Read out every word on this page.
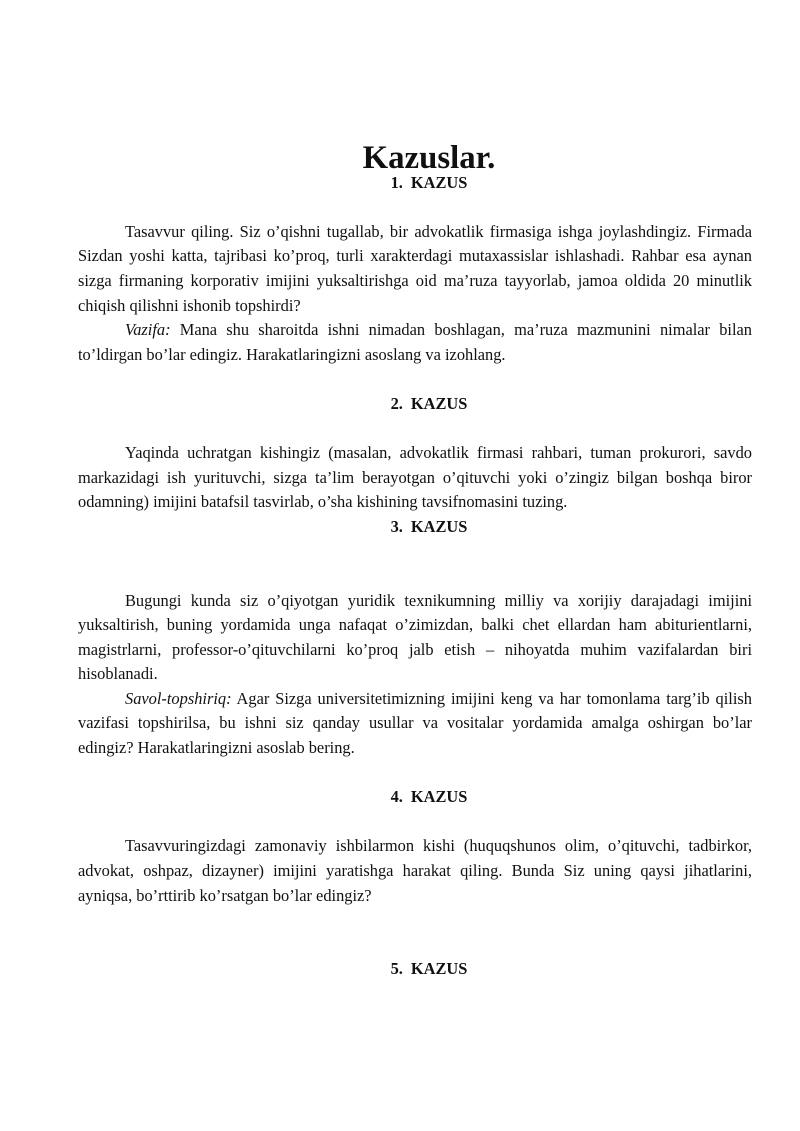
Kazuslar.
1. KAZUS

Tasavvur qiling. Siz o’qishni tugallab, bir advokatlik firmasiga ishga joylashdingiz. Firmada Sizdan yoshi katta, tajribasi ko’proq, turli xarakterdagi mutaxassislar ishlashadi. Rahbar esa aynan sizga firmaning korporativ imijini yuksaltirishga oid ma’ruza tayyorlab, jamoa oldida 20 minutlik chiqish qilishni ishonib topshirdi?

Vazifa: Mana shu sharoitda ishni nimadan boshlagan, ma’ruza mazmunini nimalar bilan to’ldirgan bo’lar edingiz. Harakatlaringizni asoslang va izohlang.

2. KAZUS

Yaqinda uchratgan kishingiz (masalan, advokatlik firmasi rahbari, tuman prokurori, savdo markazidagi ish yurituvchi, sizga ta’lim berayotgan o’qituvchi yoki o’zingiz bilgan boshqa biror odamning) imijini batafsil tasvirlab, o’sha kishining tavsifnomasini tuzing.

3. KAZUS

Bugungi kunda siz o’qiyotgan yuridik texnikumning milliy va xorijiy darajadagi imijini yuksaltirish, buning yordamida unga nafaqat o’zimizdan, balki chet ellardan ham abiturientlarni, magistrlarni, professor-o’qituvchilarni ko’proq jalb etish – nihoyatda muhim vazifalardan biri hisoblanadi.

Savol-topshiriq: Agar Sizga universitetimizning imijini keng va har tomonlama targ’ib qilish vazifasi topshirilsa, bu ishni siz qanday usullar va vositalar yordamida amalga oshirgan bo’lar edingiz? Harakatlaringizni asoslab bering.

4. KAZUS

Tasavvuringizdagi zamonaviy ishbilarmon kishi (huquqshunos olim, o’qituvchi, tadbirkor, advokat, oshpaz, dizayner) imijini yaratishga harakat qiling. Bunda Siz uning qaysi jihatlarini, ayniqsa, bo’rttirib ko’rsatgan bo’lar edingiz?

5. KAZUS
